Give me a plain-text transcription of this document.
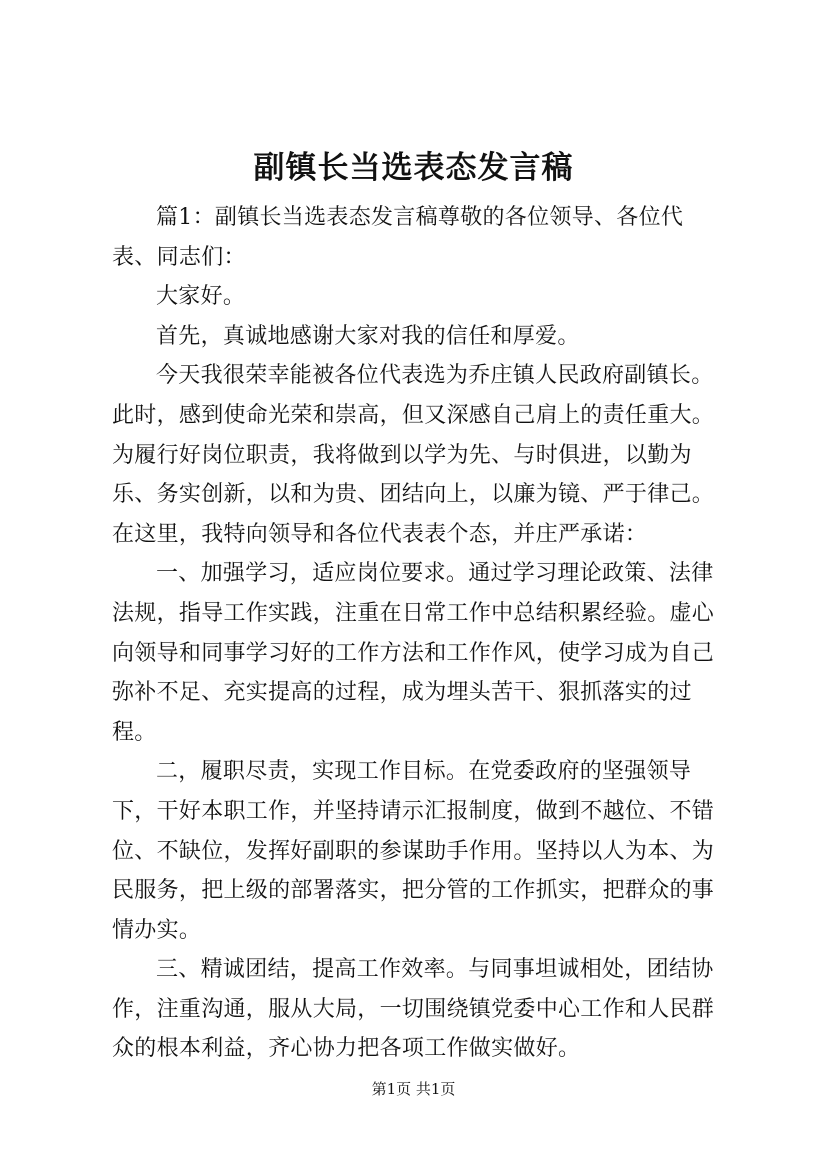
副镇长当选表态发言稿

篇1：副镇长当选表态发言稿尊敬的各位领导、各位代表、同志们：

大家好。

首先，真诚地感谢大家对我的信任和厚爱。

今天我很荣幸能被各位代表选为乔庄镇人民政府副镇长。此时，感到使命光荣和崇高，但又深感自己肩上的责任重大。为履行好岗位职责，我将做到以学为先、与时俱进，以勤为乐、务实创新，以和为贵、团结向上，以廉为镜、严于律己。在这里，我特向领导和各位代表表个态，并庄严承诺：

一、加强学习，适应岗位要求。通过学习理论政策、法律法规，指导工作实践，注重在日常工作中总结积累经验。虚心向领导和同事学习好的工作方法和工作作风，使学习成为自己弥补不足、充实提高的过程，成为埋头苦干、狠抓落实的过程。

二，履职尽责，实现工作目标。在党委政府的坚强领导下，干好本职工作，并坚持请示汇报制度，做到不越位、不错位、不缺位，发挥好副职的参谋助手作用。坚持以人为本、为民服务，把上级的部署落实，把分管的工作抓实，把群众的事情办实。

三、精诚团结，提高工作效率。与同事坦诚相处，团结协作，注重沟通，服从大局，一切围绕镇党委中心工作和人民群众的根本利益，齐心协力把各项工作做实做好。

第1页 共1页
